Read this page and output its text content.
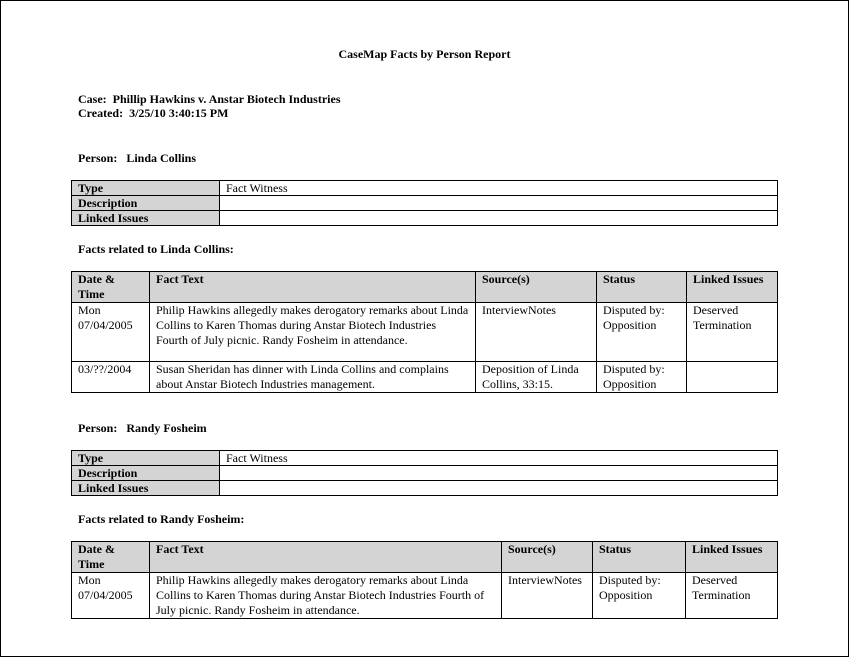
CaseMap Facts by Person Report
Case: Phillip Hawkins v. Anstar Biotech Industries
Created: 3/25/10 3:40:15 PM
Person: Linda Collins
Type	Fact Witness
Description	
Linked Issues	
Facts related to Linda Collins:
Date & Time	Fact Text	Source(s)	Status	Linked Issues
Mon 07/04/2005	Philip Hawkins allegedly makes derogatory remarks about Linda Collins to Karen Thomas during Anstar Biotech Industries Fourth of July picnic. Randy Fosheim in attendance.	InterviewNotes	Disputed by: Opposition	Deserved Termination
03/??/2004	Susan Sheridan has dinner with Linda Collins and complains about Anstar Biotech Industries management.	Deposition of Linda Collins, 33:15.	Disputed by: Opposition	
Person: Randy Fosheim
Type	Fact Witness
Description	
Linked Issues	
Facts related to Randy Fosheim:
Date & Time	Fact Text	Source(s)	Status	Linked Issues
Mon 07/04/2005	Philip Hawkins allegedly makes derogatory remarks about Linda Collins to Karen Thomas during Anstar Biotech Industries Fourth of July picnic. Randy Fosheim in attendance.	InterviewNotes	Disputed by: Opposition	Deserved Termination
